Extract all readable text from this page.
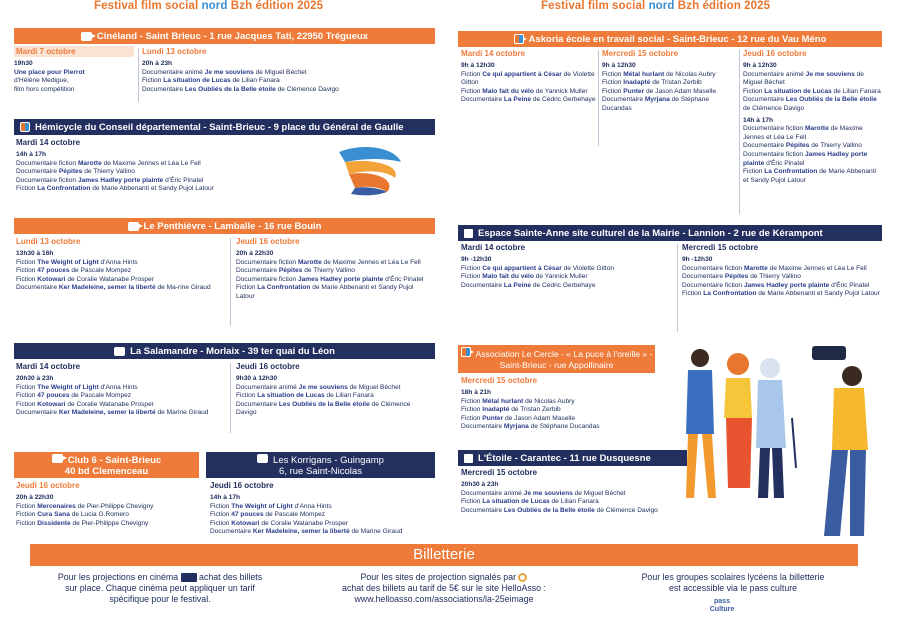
Festival film social nord Bzh édition 2025	Festival film social nord Bzh édition 2025
Cinéland - Saint Brieuc - 1 rue Jacques Tati, 22950 Trégueux
Mardi 7 octobre
19h30
Une place pour Pierrot
d'Hélène Medigue,
film hors compétition
Lundi 13 octobre
20h à 23h
Documentaire animé Je me souviens de Miguel Béchet
Fiction La situation de Lucas de Lilian Fanara
Documentaire Les Oubliés de la Belle étoile de Clémence Davigo
Hémicycle du Conseil départemental - Saint-Brieuc - 9 place du Général de Gaulle
Mardi 14 octobre
14h à 17h
Documentaire fiction Marotte de Maxime Jennes et Léa Le Fell
Documentaire Pépites de Thierry Vallino
Documentaire fiction James Hadley porte plainte d'Éric Pinatel
Fiction La Confrontation de Marie Abbenanti et Sandy Pujol Latour
Le Penthièvre - Lamballe - 16 rue Bouin
Lundi 13 octobre
13h30 à 16h
Fiction The Weight of Light d'Anna Hints
Fiction 47 pouces de Pascale Mompez
Fiction Kotowari de Coralie Watanabe Prosper
Documentaire Ker Madeleine, semer la liberté de Ma-rine Giraud
Jeudi 16 octobre
20h à 22h30
Documentaire fiction Marotte de Maxime Jennes et Léa Le Fell
Documentaire Pépites de Thierry Vallino
Documentaire fiction James Hadley porte plainte d'Éric Pinatel
Fiction La Confrontation de Marie Abbenanti et Sandy Pujol Latour
La Salamandre - Morlaix - 39 ter quai du Léon
Mardi 14 octobre
20h30 à 23h
Fiction The Weight of Light d'Anna Hints
Fiction 47 pouces de Pascale Mompez
Fiction Kotowari de Coralie Watanabe Prosper
Documentaire Ker Madeleine, semer la liberté de Marine Giraud
Jeudi 16 octobre
9h30 à 12h30
Documentaire animé Je me souviens de Miguel Béchet
Fiction La situation de Lucas de Lilian Fanara
Documentaire Les Oubliés de la Belle étoile de Clémence Davigo
Club 6 - Saint-Brieuc
40 bd Clemenceau
Jeudi 16 octobre
20h à 22h30
Fiction Mercenaires de Pier-Philippe Chevigny
Fiction Cura Sana de Lucia G.Romero
Fiction Dissidente de Pier-Philippe Chevigny
Les Korrigans - Guingamp
6, rue Saint-Nicolas
Jeudi 16 octobre
14h à 17h
Fiction The Weight of Light d'Anna Hints
Fiction 47 pouces de Pascale Mompez
Fiction Kotowari de Coralie Watanabe Prosper
Documentaire Ker Madeleine, semer la liberté de Marine Giraud
Askoria école en travail social - Saint-Brieuc - 12 rue du Vau Méno
Mardi 14 octobre
9h à 12h30
Fiction Ce qui appartient à César de Violette Gitton
Fiction Malo fait du vélo de Yannick Muller
Documentaire La Peine de Cédric Gerbehaye
Mercredi 15 octobre
9h à 12h30
Fiction Métal hurlant de Nicolas Aubry
Fiction Inadapté de Tristan Zerbib
Fiction Punter de Jason Adam Maselle
Documentaire Myrjana de Stéphane Ducandas
Jeudi 16 octobre
9h à 12h30
Documentaire animé Je me souviens de Miguel Béchet
Fiction La situation de Lucas de Lilian Fanara
Documentaire Les Oubliés de la Belle étoile de Clémence Davigo
14h à 17h
Documentaire fiction Marotte de Maxime Jennes et Léa Le Fell
Documentaire Pépites de Thierry Vallino
Documentaire fiction James Hadley porte plainte d'Éric Pinatel
Fiction La Confrontation de Marie Abbenanti et Sandy Pujol Latour
Espace Sainte-Anne site culturel de la Mairie - Lannion - 2 rue de Kérampont
Mardi 14 octobre
9h -12h30
Fiction Ce qui appartient à César de Violette Gitton
Fiction Malo fait du vélo de Yannick Muller
Documentaire La Peine de Cédric Gerbehaye
Mercredi 15 octobre
9h -12h30
Documentaire fiction Marotte de Maxime Jennes et Léa Le Fell
Documentaire Pépites de Thierry Vallino
Documentaire fiction James Hadley porte plainte d'Éric Pinatel
Fiction La Confrontation de Marie Abbenanti et Sandy Pujol Latour
Association Le Cercle - « La puce à l'oreille » -
Saint-Brieuc - rue Appollinaire
Mercredi 15 octobre
18h à 21h
Fiction Métal hurlant de Nicolas Aubry
Fiction Inadapté de Tristan Zerbib
Fiction Punter de Jason Adam Maselle
Documentaire Myrjana de Stéphane Ducandas
L'Étoile - Carantec - 11 rue Dusquesne
Mercredi 15 octobre
20h30 à 23h
Documentaire animé Je me souviens de Miguel Béchet
Fiction La situation de Lucas de Lilian Fanara
Documentaire Les Oubliés de la Belle étoile de Clémence Davigo
Billetterie
Pour les projections en cinéma  achat des billets
sur place. Chaque cinéma peut appliquer un tarif
spécifique pour le festival.
Pour les sites de projection signalés par
achat des billets au tarif de 5€ sur le site HelloAsso :
www.helloasso.com/associations/la-25eimage
Pour les groupes scolaires lycéens la billetterie
est accessible via le pass culture
pass
Culture
